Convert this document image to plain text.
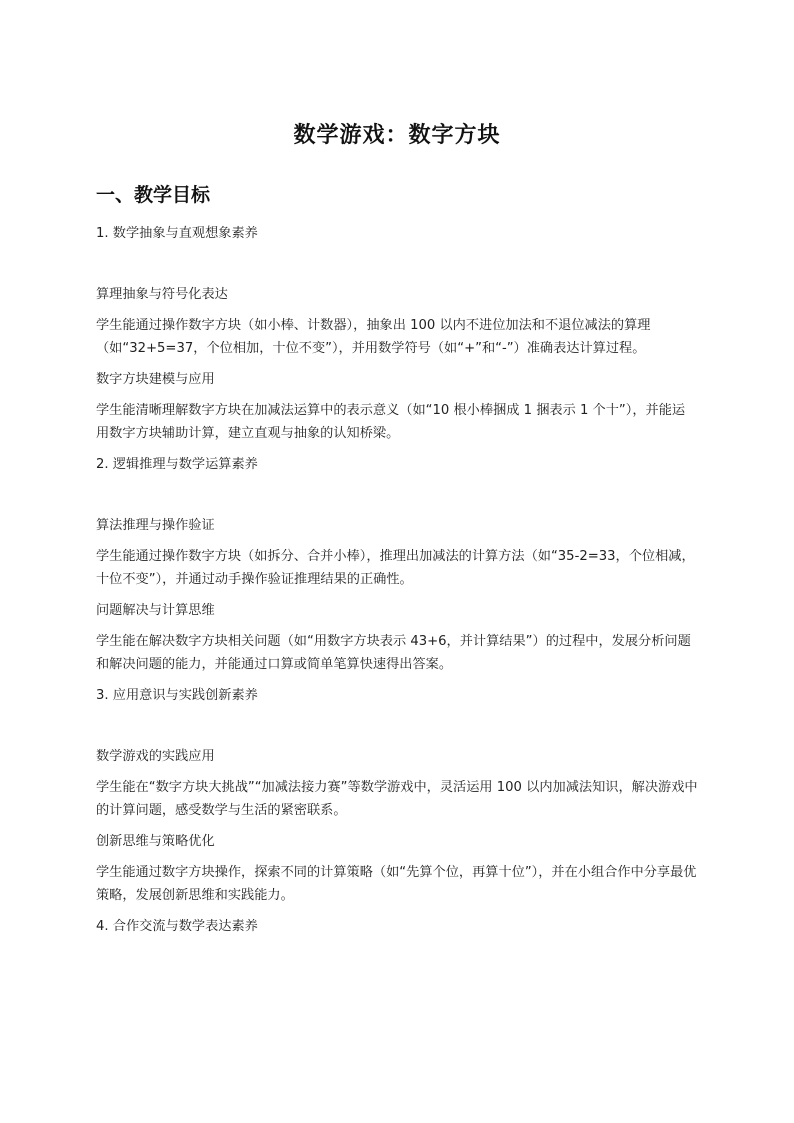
数学游戏：数字方块
一、教学目标

1. 数学抽象与直观想象素养

算理抽象与符号化表达

学生能通过操作数字方块（如小棒、计数器），抽象出 100 以内不进位加法和不退位减法的算理（如“32+5=37，个位相加，十位不变”），并用数学符号（如“+”和“-”）准确表达计算过程。

数字方块建模与应用

学生能清晰理解数字方块在加减法运算中的表示意义（如“10 根小棒捆成 1 捆表示 1 个十”），并能运用数字方块辅助计算，建立直观与抽象的认知桥梁。

2. 逻辑推理与数学运算素养

算法推理与操作验证

学生能通过操作数字方块（如拆分、合并小棒），推理出加减法的计算方法（如“35-2=33，个位相减，十位不变”），并通过动手操作验证推理结果的正确性。

问题解决与计算思维

学生能在解决数字方块相关问题（如“用数字方块表示 43+6，并计算结果”）的过程中，发展分析问题和解决问题的能力，并能通过口算或简单笔算快速得出答案。

3. 应用意识与实践创新素养

数学游戏的实践应用

学生能在“数字方块大挑战”“加减法接力赛”等数学游戏中，灵活运用 100 以内加减法知识，解决游戏中的计算问题，感受数学与生活的紧密联系。

创新思维与策略优化

学生能通过数字方块操作，探索不同的计算策略（如“先算个位，再算十位”），并在小组合作中分享最优策略，发展创新思维和实践能力。

4. 合作交流与数学表达素养
